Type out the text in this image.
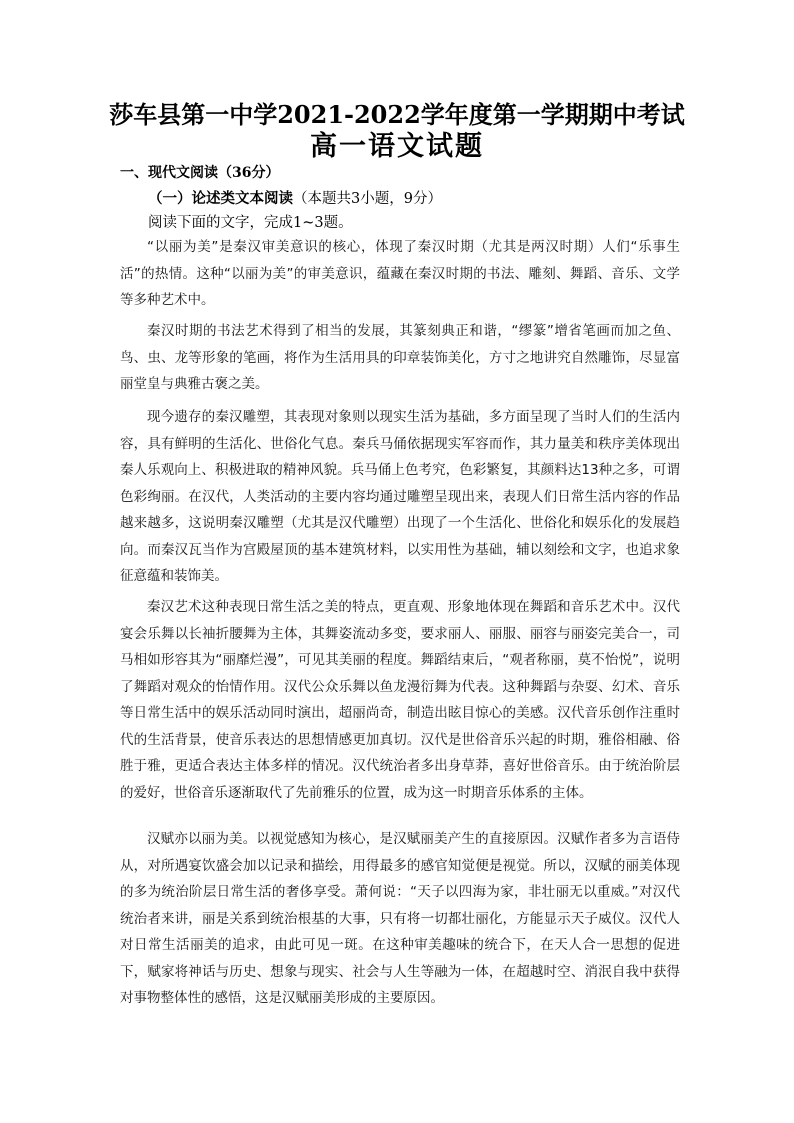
莎车县第一中学2021-2022学年度第一学期期中考试
高一语文试题
一、现代文阅读（36分）
（一）论述类文本阅读（本题共3小题，9分）
阅读下面的文字，完成1~3题。

“以丽为美”是秦汉审美意识的核心，体现了秦汉时期（尤其是两汉时期）人们“乐事生活”的热情。这种“以丽为美”的审美意识，蕴藏在秦汉时期的书法、雕刻、舞蹈、音乐、文学等多种艺术中。

秦汉时期的书法艺术得到了相当的发展，其篆刻典正和谐，“缪篆”增省笔画而加之鱼、鸟、虫、龙等形象的笔画，将作为生活用具的印章装饰美化，方寸之地讲究自然雕饰，尽显富丽堂皇与典雅古褒之美。

现今遗存的秦汉雕塑，其表现对象则以现实生活为基础，多方面呈现了当时人们的生活内容，具有鲜明的生活化、世俗化气息。秦兵马俑依据现实军容而作，其力量美和秩序美体现出秦人乐观向上、积极进取的精神风貌。兵马俑上色考究，色彩繁复，其颜料达13种之多，可谓色彩绚丽。在汉代，人类活动的主要内容均通过雕塑呈现出来，表现人们日常生活内容的作品越来越多，这说明秦汉雕塑（尤其是汉代雕塑）出现了一个生活化、世俗化和娱乐化的发展趋向。而秦汉瓦当作为宫殿屋顶的基本建筑材料，以实用性为基础，辅以刻绘和文字，也追求象征意蕴和装饰美。

秦汉艺术这种表现日常生活之美的特点，更直观、形象地体现在舞蹈和音乐艺术中。汉代宴会乐舞以长袖折腰舞为主体，其舞姿流动多变，要求丽人、丽服、丽容与丽姿完美合一，司马相如形容其为“丽靡烂漫”，可见其美丽的程度。舞蹈结束后，“观者称丽，莫不怡悦”，说明了舞蹈对观众的怡情作用。汉代公众乐舞以鱼龙漫衍舞为代表。这种舞蹈与杂耍、幻术、音乐等日常生活中的娱乐活动同时演出，超丽尚奇，制造出眩目惊心的美感。汉代音乐创作注重时代的生活背景，使音乐表达的思想情感更加真切。汉代是世俗音乐兴起的时期，雅俗相融、俗胜于雅，更适合表达主体多样的情况。汉代统治者多出身草莽，喜好世俗音乐。由于统治阶层的爱好，世俗音乐逐渐取代了先前雅乐的位置，成为这一时期音乐体系的主体。

汉赋亦以丽为美。以视觉感知为核心，是汉赋丽美产生的直接原因。汉赋作者多为言语侍从，对所遇宴饮盛会加以记录和描绘，用得最多的感官知觉便是视觉。所以，汉赋的丽美体现的多为统治阶层日常生活的奢侈享受。萧何说：“天子以四海为家，非壮丽无以重威。”对汉代统治者来讲，丽是关系到统治根基的大事，只有将一切都壮丽化，方能显示天子威仪。汉代人对日常生活丽美的追求，由此可见一斑。在这种审美趣味的统合下，在天人合一思想的促进下，赋家将神话与历史、想象与现实、社会与人生等融为一体，在超越时空、消泯自我中获得对事物整体性的感悟，这是汉赋丽美形成的主要原因。
